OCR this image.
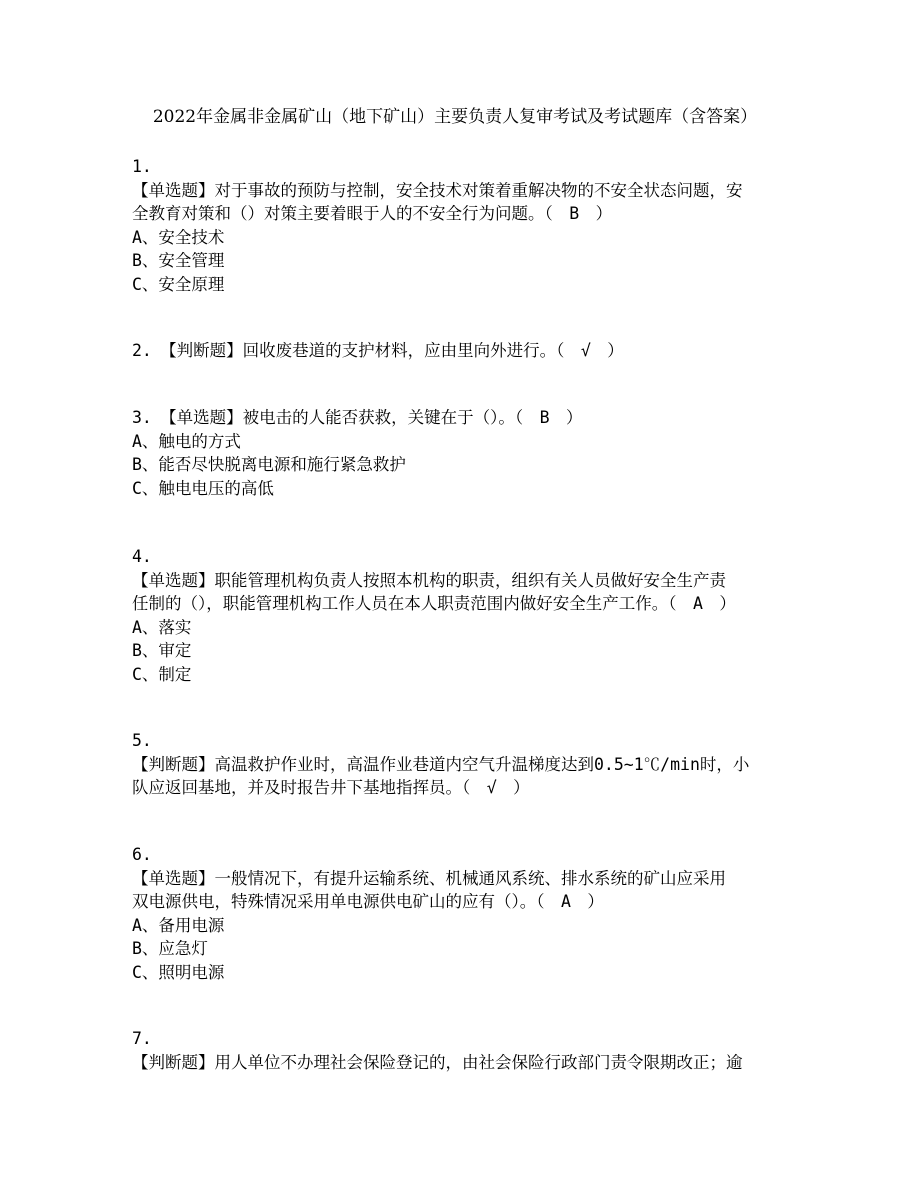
2022年金属非金属矿山（地下矿山）主要负责人复审考试及考试题库（含答案）
1.
【单选题】对于事故的预防与控制，安全技术对策着重解决物的不安全状态问题，安
全教育对策和（）对策主要着眼于人的不安全行为问题。（　B　）
A、安全技术
B、安全管理
C、安全原理
2.　【判断题】回收废巷道的支护材料，应由里向外进行。（　√　）
3.　【单选题】被电击的人能否获救，关键在于（）。（　B　）
A、触电的方式
B、能否尽快脱离电源和施行紧急救护
C、触电电压的高低
4.
【单选题】职能管理机构负责人按照本机构的职责，组织有关人员做好安全生产责
任制的（），职能管理机构工作人员在本人职责范围内做好安全生产工作。（　A　）
A、落实
B、审定
C、制定
5.
【判断题】高温救护作业时，高温作业巷道内空气升温梯度达到0.5~1℃/min时，小
队应返回基地，并及时报告井下基地指挥员。（　√　）
6.
【单选题】一般情况下，有提升运输系统、机械通风系统、排水系统的矿山应采用
双电源供电，特殊情况采用单电源供电矿山的应有（）。（　A　）
A、备用电源
B、应急灯
C、照明电源
7.
【判断题】用人单位不办理社会保险登记的，由社会保险行政部门责令限期改正；逾
